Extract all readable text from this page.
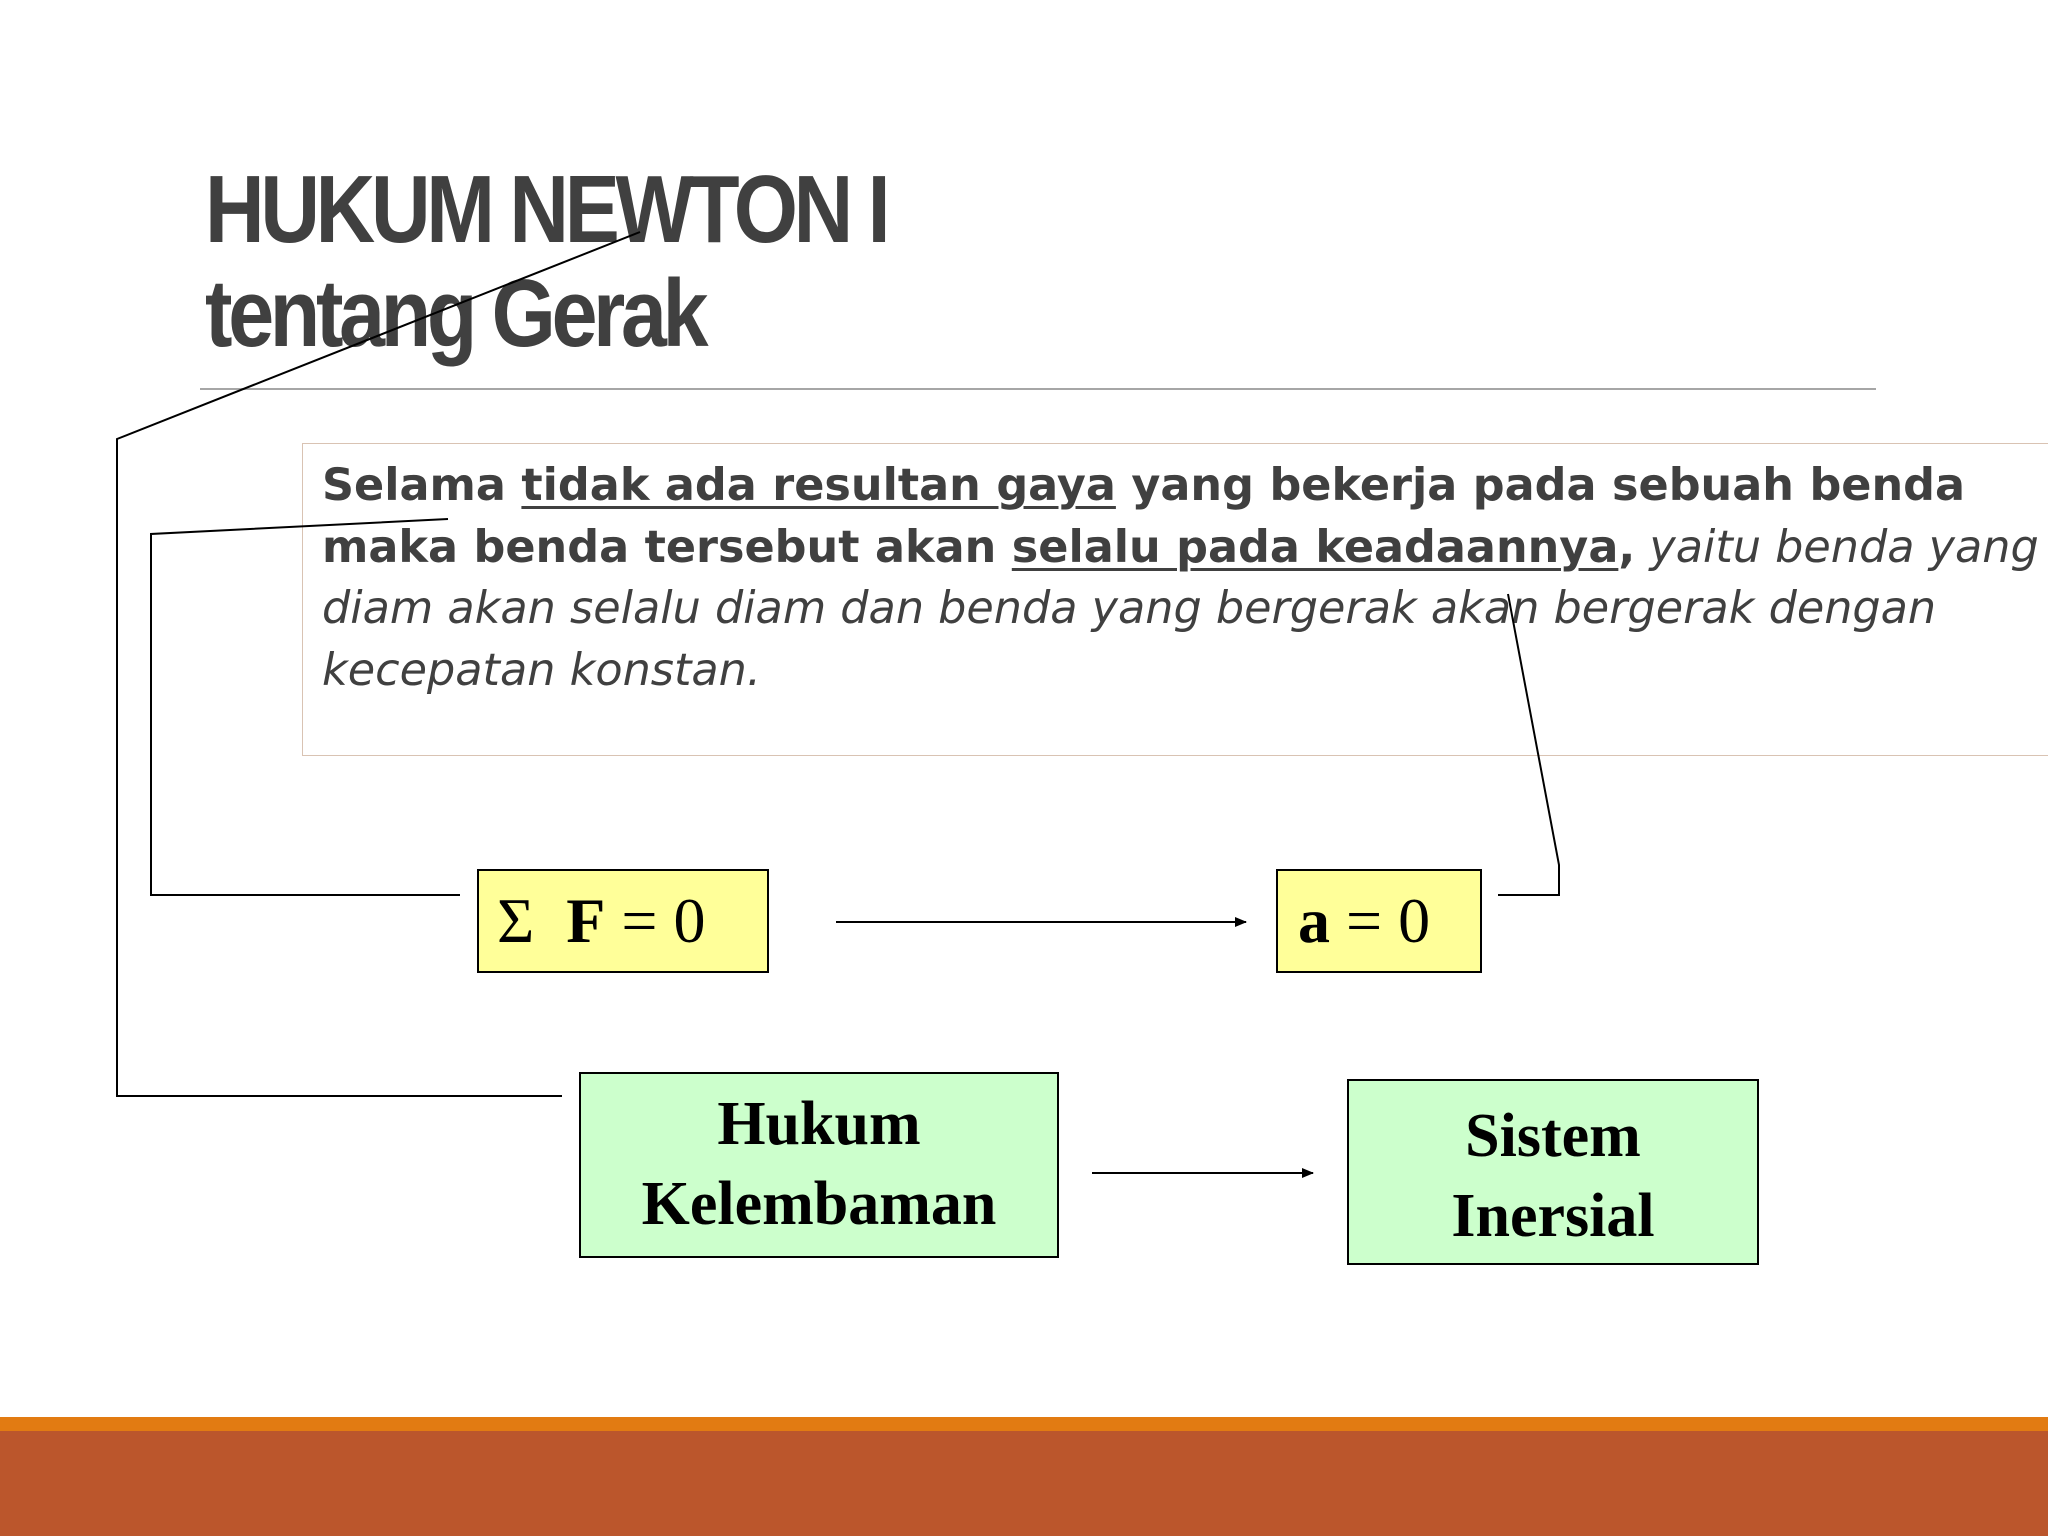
HUKUM NEWTON I
tentang Gerak

Selama tidak ada resultan gaya yang bekerja pada sebuah benda maka benda tersebut akan selalu pada keadaannya, yaitu benda yang diam akan selalu diam dan benda yang bergerak akan bergerak dengan kecepatan konstan.

Σ F = 0	a = 0
Hukum
Kelembaman
Sistem
Inersial
